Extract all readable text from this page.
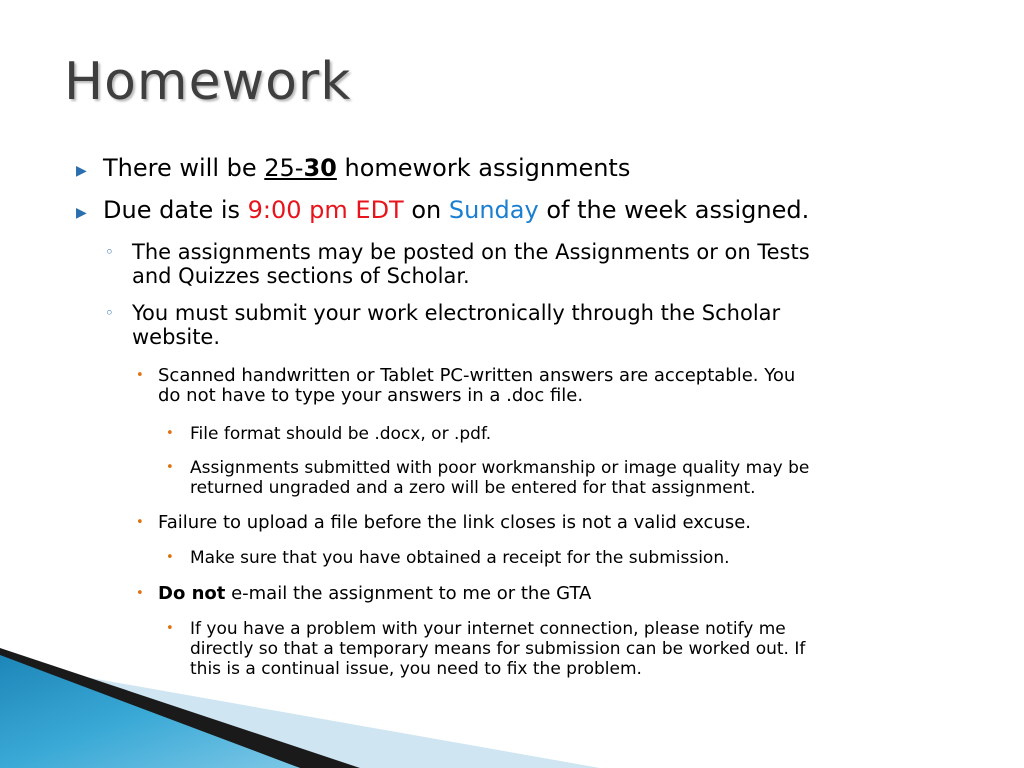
Homework
▶ There will be 25-30 homework assignments
▶ Due date is 9:00 pm EDT on Sunday of the week assigned.
◦ The assignments may be posted on the Assignments or on Tests
and Quizzes sections of Scholar.
◦ You must submit your work electronically through the Scholar
website.
• Scanned handwritten or Tablet PC-written answers are acceptable. You
do not have to type your answers in a .doc file.
• File format should be .docx, or .pdf.
• Assignments submitted with poor workmanship or image quality may be
returned ungraded and a zero will be entered for that assignment.
• Failure to upload a file before the link closes is not a valid excuse.
• Make sure that you have obtained a receipt for the submission.
• Do not e-mail the assignment to me or the GTA
• If you have a problem with your internet connection, please notify me
directly so that a temporary means for submission can be worked out. If
this is a continual issue, you need to fix the problem.
